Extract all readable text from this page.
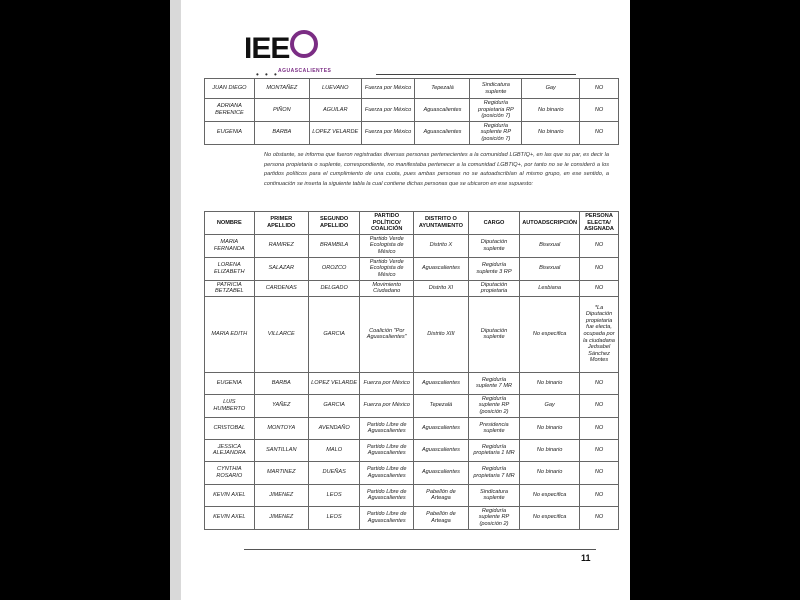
IEE
• • • AGUASCALIENTES
JUAN DIEGO	MONTAÑEZ	LUEVANO	Fuerza por México	Tepezalá	Sindicatura suplente	Gay	NO
ADRIANA BERENICE	PIÑON	AGUILAR	Fuerza por México	Aguascalientes	Regiduría propietaria RP (posición 7)	No binario	NO
EUGENIA	BARBA	LOPEZ VELARDE	Fuerza por México	Aguascalientes	Regiduría suplente RP (posición 7)	No binario	NO
No obstante, se informa que fueron registradas diversas personas pertenecientes a la comunidad LGBTIQ+, en las que su par, es decir la persona propietaria o suplente, correspondiente, no manifestaba pertenecer a la comunidad LGBTIQ+, por tanto no se le consideró a los partidos políticos para el cumplimiento de una cuota, pues ambas personas no se autoadscribían al mismo grupo, en ese sentido, a continuación se inserta la siguiente tabla la cual contiene dichas personas que se ubicaron en ese supuesto:
NOMBRE	PRIMER APELLIDO	SEGUNDO APELLIDO	PARTIDO POLÍTICO/ COALICIÓN	DISTRITO O AYUNTAMIENTO	CARGO	AUTOADSCRIPCIÓN	PERSONA ELECTA/ ASIGNADA
MARIA FERNANDA	RAMIREZ	BRAMBILA	Partido Verde Ecologista de México	Distrito X	Diputación suplente	Bisexual	NO
LORENA ELIZABETH	SALAZAR	OROZCO	Partido Verde Ecologista de México	Aguascalientes	Regiduría suplente 3 RP	Bisexual	NO
PATRICIA BETZABEL	CARDENAS	DELGADO	Movimiento Ciudadano	Distrito XI	Diputación propietaria	Lesbiana	NO
MARIA EDITH	VILLARCE	GARCIA	Coalición "Por Aguascalientes"	Distrito XIII	Diputación suplente	No especifica	*La Diputación propietaria fue electa, ocupada por la ciudadana Jedsabel Sánchez Montes
EUGENIA	BARBA	LOPEZ VELARDE	Fuerza por México	Aguascalientes	Regiduría suplente 7 MR	No binario	NO
LUIS HUMBERTO	YAÑEZ	GARCIA	Fuerza por México	Tepezalá	Regiduría suplente RP (posición 2)	Gay	NO
CRISTOBAL	MONTOYA	AVENDAÑO	Partido Libre de Aguascalientes	Aguascalientes	Presidencia suplente	No binario	NO
JESSICA ALEJANDRA	SANTILLAN	MALO	Partido Libre de Aguascalientes	Aguascalientes	Regiduría propietaria 1 MR	No binario	NO
CYNTHIA ROSARIO	MARTINEZ	DUEÑAS	Partido Libre de Aguascalientes	Aguascalientes	Regiduría propietaria 7 MR	No binario	NO
KEVIN AXEL	JIMENEZ	LEOS	Partido Libre de Aguascalientes	Pabellón de Arteaga	Sindicatura suplente	No especifica	NO
KEVIN AXEL	JIMENEZ	LEOS	Partido Libre de Aguascalientes	Pabellón de Arteaga	Regiduría suplente RP (posición 2)	No especifica	NO
11
